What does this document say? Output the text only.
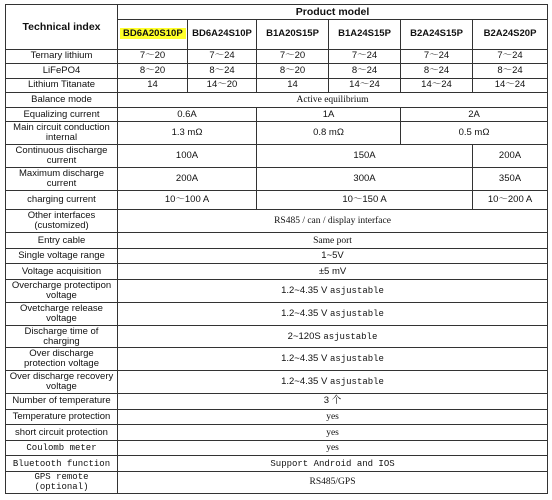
Technical index	Product model					
	BD6A20S10P	BD6A24S10P	B1A20S15P	B1A24S15P	B2A24S15P	B2A24S20P
Ternary lithium	7～20	7～24	7～20	7～24	7～24	7～24
LiFePO4	8～20	8～24	8～20	8～24	8～24	8～24
Lithium Titanate	14	14～20	14	14～24	14～24	14～24
Balance mode	Active equilibrium					
Equalizing current	0.6A		1A		2A	
Main circuit conduction internal	1.3 mΩ		0.8 mΩ		0.5 mΩ	
Continuous discharge current	100A		150A			200A
Maximum discharge current	200A		300A			350A
charging current	10～100 A		10～150 A			10～200 A
Other interfaces (customized)	RS485 / can / display interface					
Entry cable	Same port					
Single voltage range	1~5V					
Voltage acquisition	±5 mV					
Overcharge protectipon voltage	1.2~4.35 V asjustable					
Ovetcharge release voltage	1.2~4.35 V asjustable					
Discharge time of charging	2~120S asjustable					
Over discharge protection voltage	1.2~4.35 V asjustable					
Over discharge recovery voltage	1.2~4.35 V asjustable					
Number of temperature	3 个					
Temperature protection	yes					
short circuit protection	yes					
Coulomb meter	yes					
Bluetooth function	Support Android and IOS					
GPS remote (optional)	RS485/GPS					
